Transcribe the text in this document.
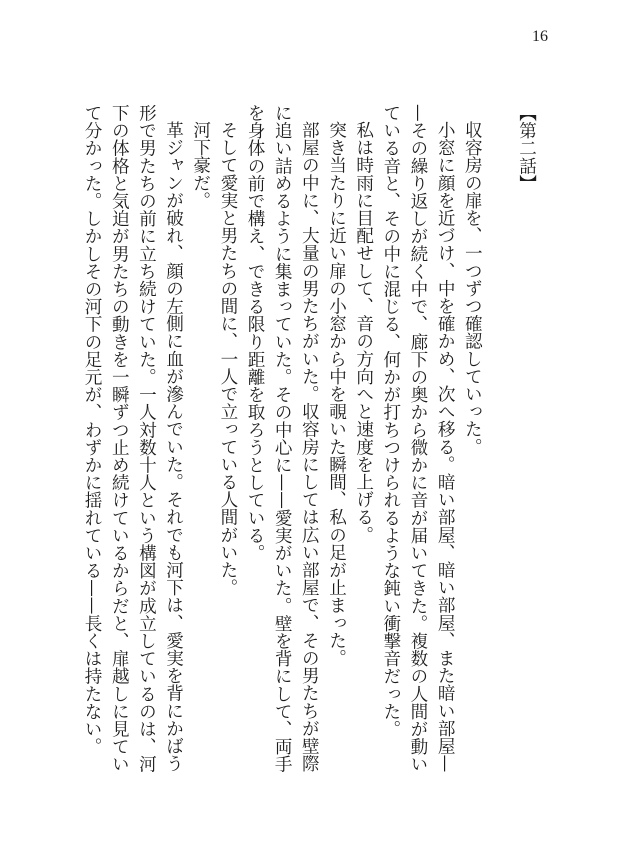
16
【第二話】
収容房の扉を、一つずつ確認していった。
小窓に顔を近づけ、中を確かめ、次へ移る。暗い部屋、暗い部屋、また暗い部屋—
—その繰り返しが続く中で、廊下の奥から微かに音が届いてきた。複数の人間が動い
ている音と、その中に混じる、何かが打ちつけられるような鈍い衝撃音だった。
私は時雨に目配せして、音の方向へと速度を上げる。
突き当たりに近い扉の小窓から中を覗いた瞬間、私の足が止まった。
部屋の中に、大量の男たちがいた。収容房にしては広い部屋で、その男たちが壁際
に追い詰めるように集まっていた。その中心に——愛実がいた。壁を背にして、両手
を身体の前で構え、できる限り距離を取ろうとしている。
そして愛実と男たちの間に、一人で立っている人間がいた。
河下豪だ。
革ジャンが破れ、顔の左側に血が滲んでいた。それでも河下は、愛実を背にかばう
形で男たちの前に立ち続けていた。一人対数十人という構図が成立しているのは、河
下の体格と気迫が男たちの動きを一瞬ずつ止め続けているからだと、扉越しに見てい
て分かった。しかしその河下の足元が、わずかに揺れている——長くは持たない。
